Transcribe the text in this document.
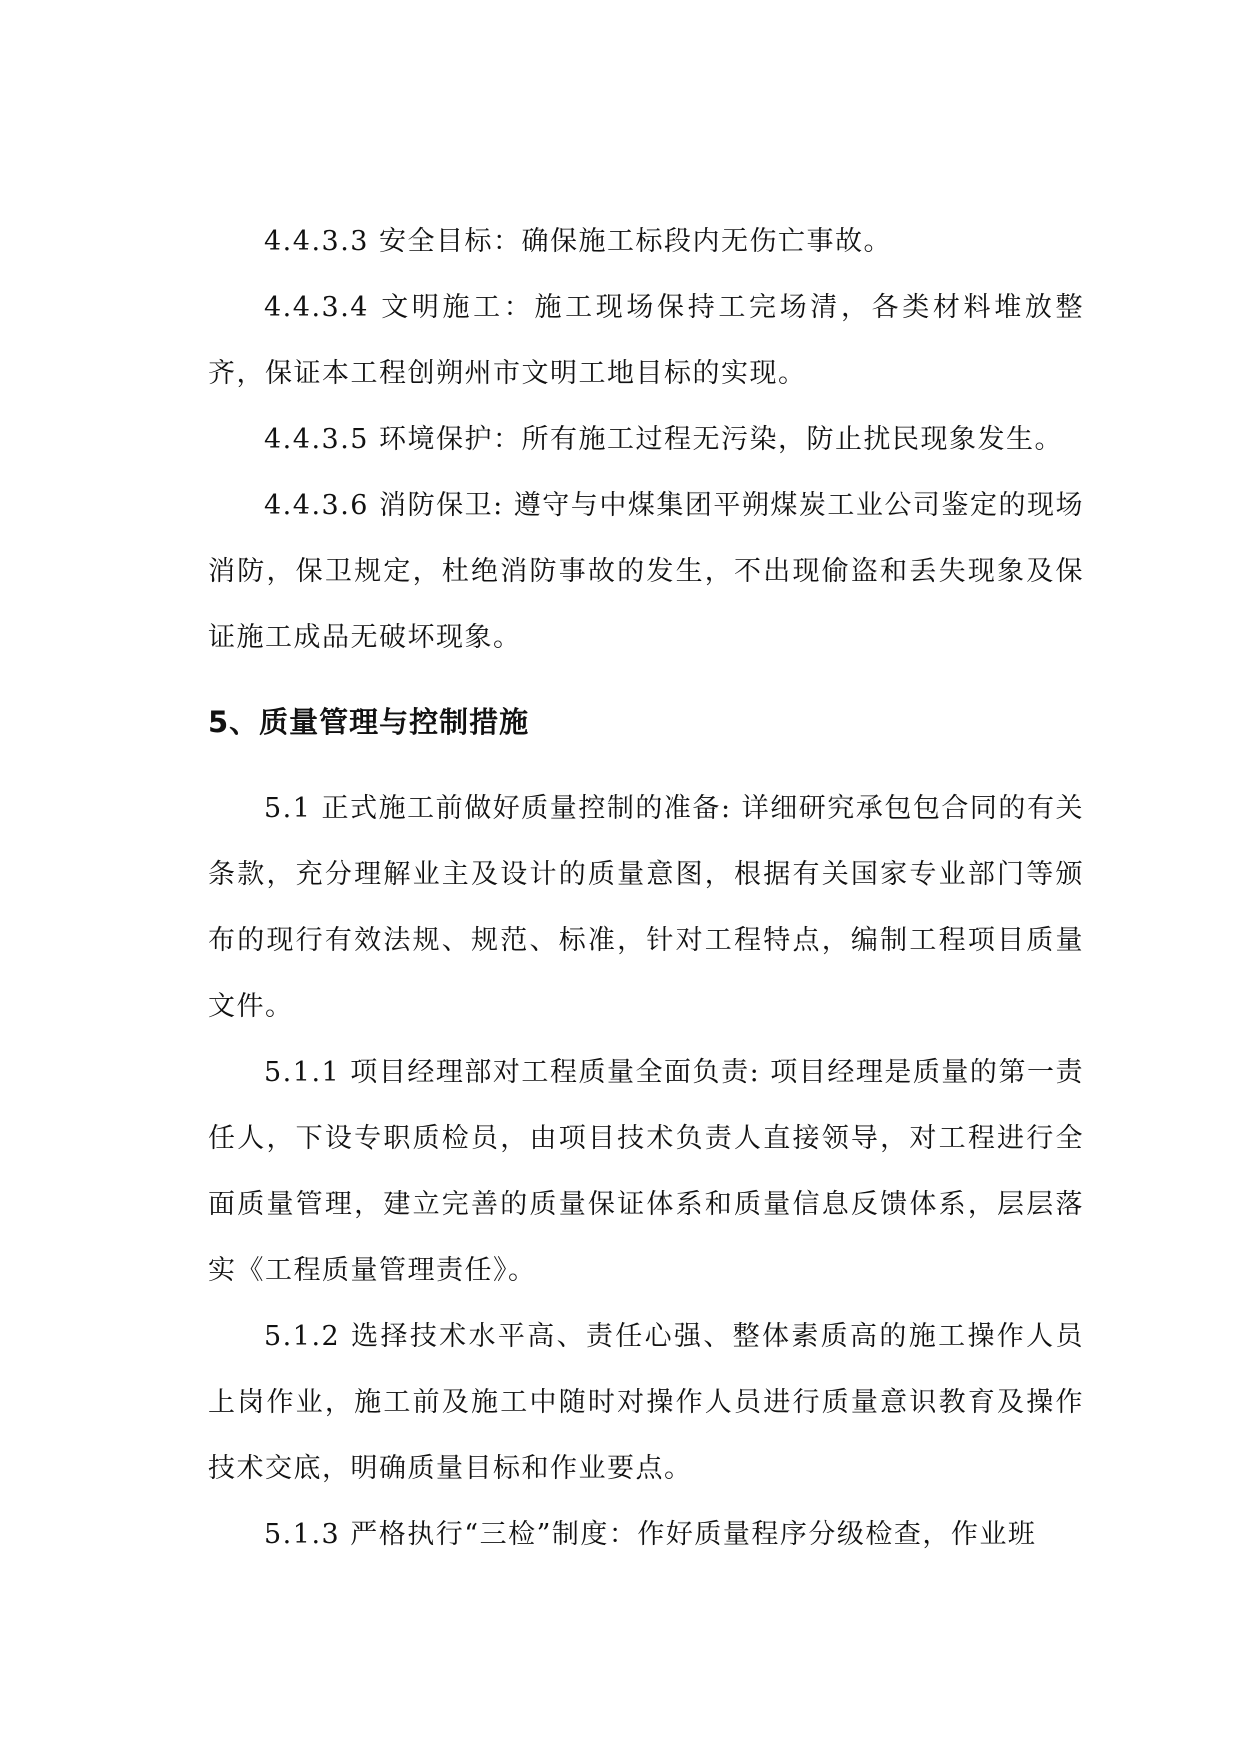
4.4.3.3 安全目标：确保施工标段内无伤亡事故。

4.4.3.4 文明施工：施工现场保持工完场清，各类材料堆放整齐，保证本工程创朔州市文明工地目标的实现。

4.4.3.5 环境保护：所有施工过程无污染，防止扰民现象发生。

4.4.3.6 消防保卫: 遵守与中煤集团平朔煤炭工业公司鉴定的现场消防，保卫规定，杜绝消防事故的发生，不出现偷盗和丢失现象及保证施工成品无破坏现象。

5、质量管理与控制措施

5.1 正式施工前做好质量控制的准备: 详细研究承包包合同的有关条款，充分理解业主及设计的质量意图，根据有关国家专业部门等颁布的现行有效法规、规范、标准，针对工程特点，编制工程项目质量文件。

5.1.1 项目经理部对工程质量全面负责: 项目经理是质量的第一责任人，下设专职质检员，由项目技术负责人直接领导，对工程进行全面质量管理，建立完善的质量保证体系和质量信息反馈体系，层层落实《工程质量管理责任》。

5.1.2 选择技术水平高、责任心强、整体素质高的施工操作人员上岗作业，施工前及施工中随时对操作人员进行质量意识教育及操作技术交底，明确质量目标和作业要点。

5.1.3 严格执行“三检”制度：作好质量程序分级检查，作业班
